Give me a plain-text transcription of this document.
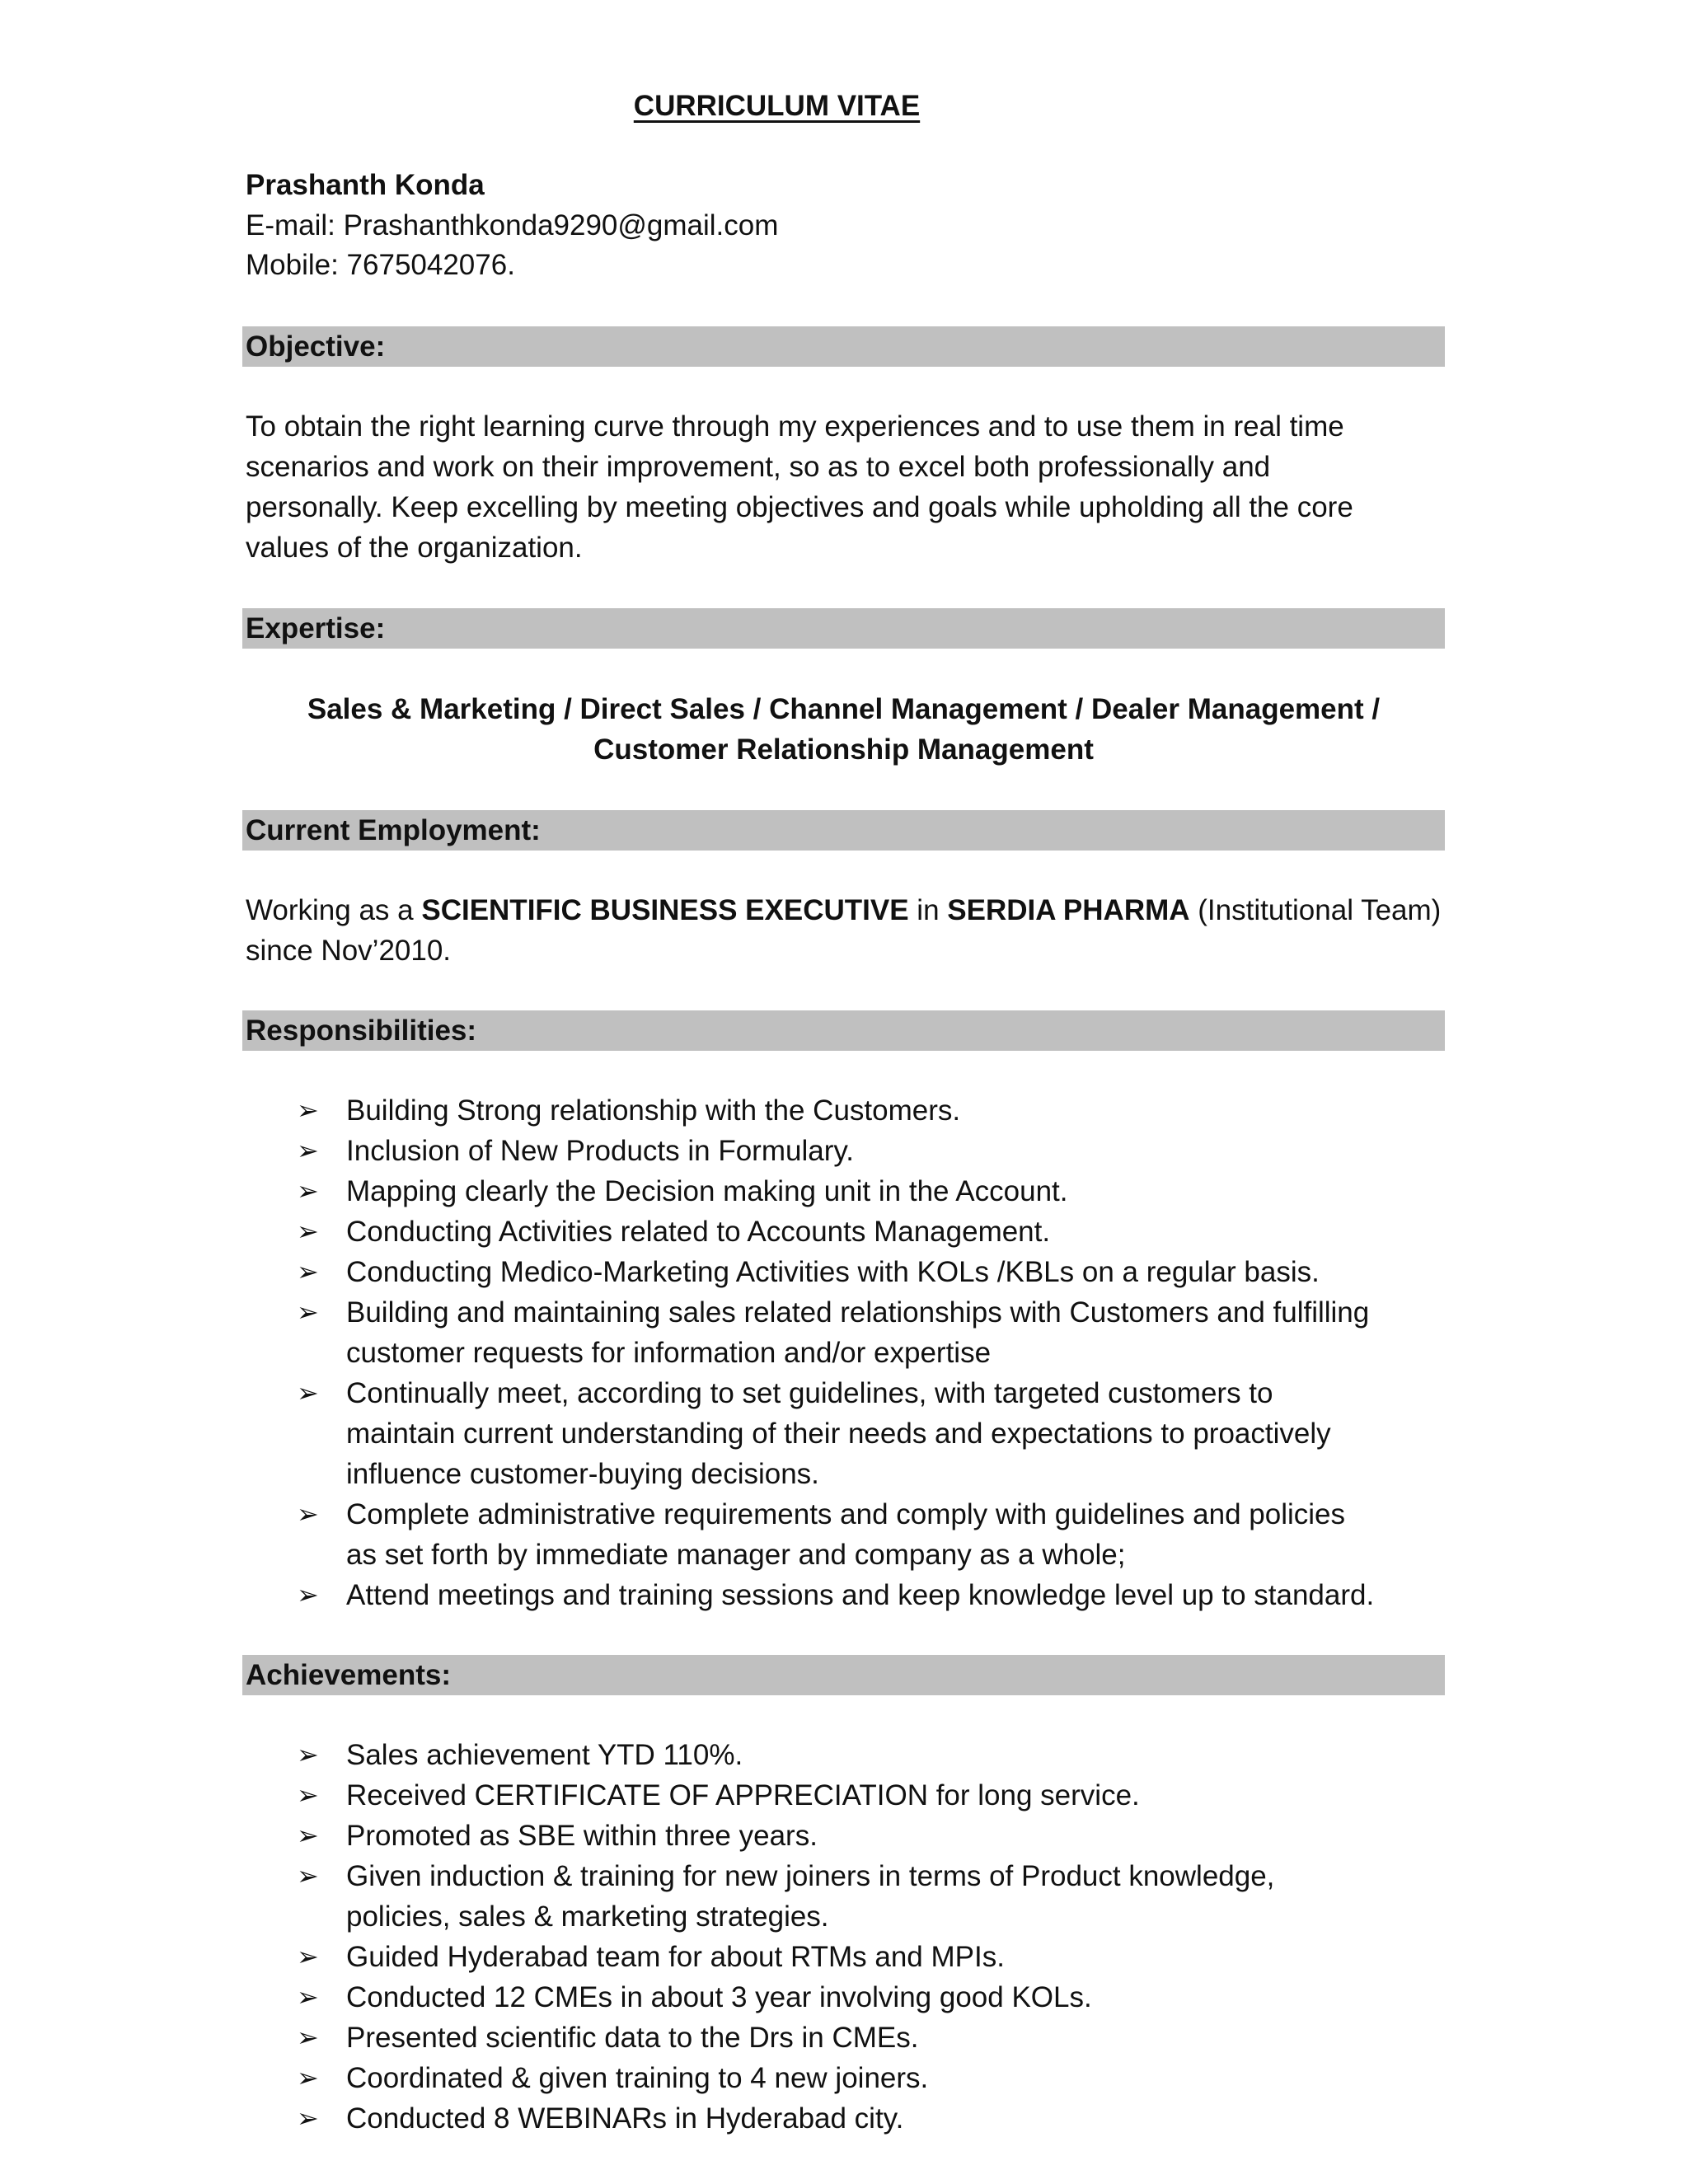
CURRICULUM VITAE
Prashanth Konda
E-mail: Prashanthkonda9290@gmail.com
Mobile: 7675042076.
Objective:
To obtain the right learning curve through my experiences and to use them in real time
scenarios and work on their improvement, so as to excel both professionally and
personally. Keep excelling by meeting objectives and goals while upholding all the core
values of the organization.
Expertise:
Sales & Marketing / Direct Sales / Channel Management / Dealer Management /
Customer Relationship Management
Current Employment:
Working as a SCIENTIFIC BUSINESS EXECUTIVE in SERDIA PHARMA (Institutional Team)
since Nov’2010.
Responsibilities:
➢ Building Strong relationship with the Customers.
➢ Inclusion of New Products in Formulary.
➢ Mapping clearly the Decision making unit in the Account.
➢ Conducting Activities related to Accounts Management.
➢ Conducting Medico-Marketing Activities with KOLs /KBLs on a regular basis.
➢ Building and maintaining sales related relationships with Customers and fulfilling
customer requests for information and/or expertise
➢ Continually meet, according to set guidelines, with targeted customers to
maintain current understanding of their needs and expectations to proactively
influence customer-buying decisions.
➢ Complete administrative requirements and comply with guidelines and policies
as set forth by immediate manager and company as a whole;
➢ Attend meetings and training sessions and keep knowledge level up to standard.
Achievements:
➢ Sales achievement YTD 110%.
➢ Received CERTIFICATE OF APPRECIATION for long service.
➢ Promoted as SBE within three years.
➢ Given induction & training for new joiners in terms of Product knowledge,
policies, sales & marketing strategies.
➢ Guided Hyderabad team for about RTMs and MPIs.
➢ Conducted 12 CMEs in about 3 year involving good KOLs.
➢ Presented scientific data to the Drs in CMEs.
➢ Coordinated & given training to 4 new joiners.
➢ Conducted 8 WEBINARs in Hyderabad city.
